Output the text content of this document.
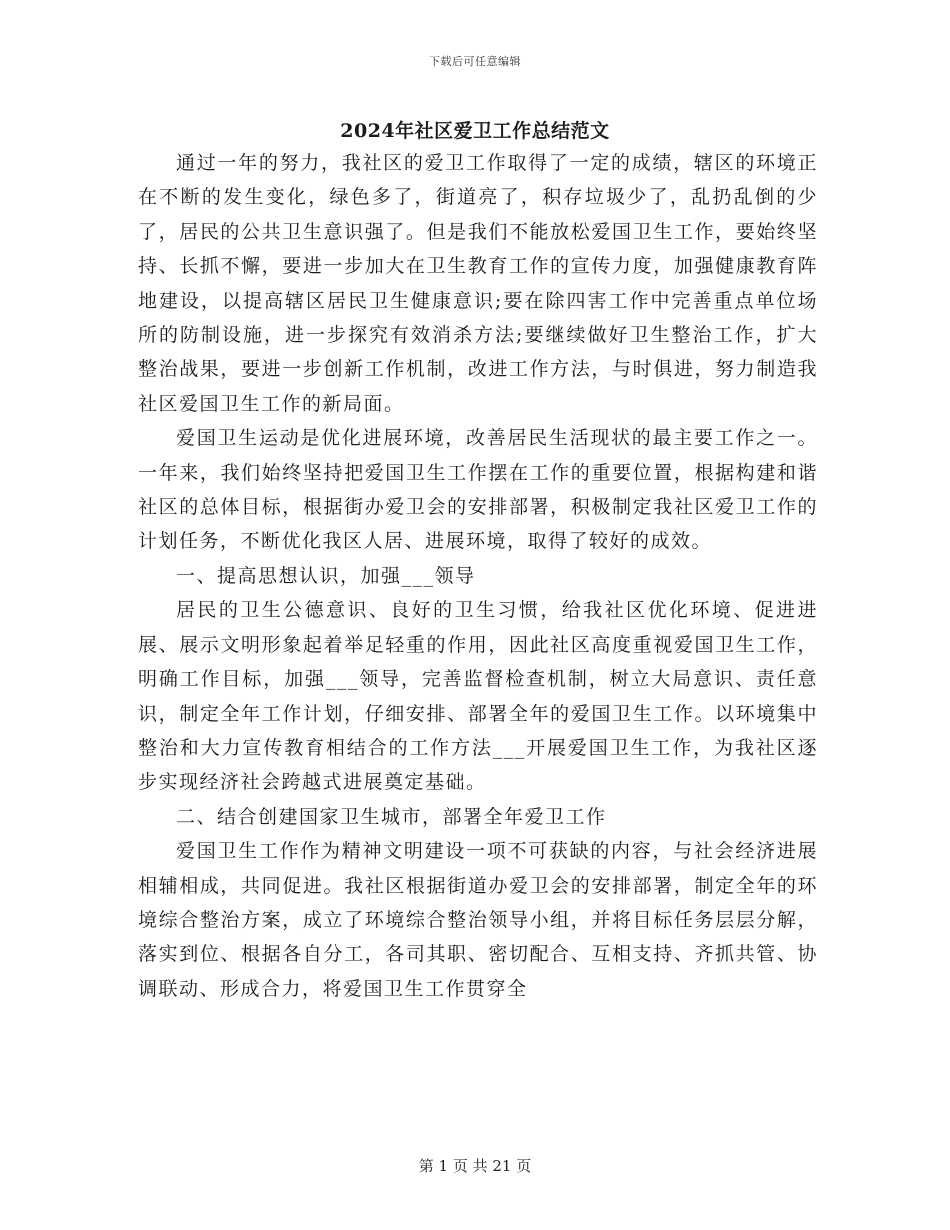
下载后可任意编辑
2024年社区爱卫工作总结范文

通过一年的努力，我社区的爱卫工作取得了一定的成绩，辖区的环境正在不断的发生变化，绿色多了，街道亮了，积存垃圾少了，乱扔乱倒的少了，居民的公共卫生意识强了。但是我们不能放松爱国卫生工作，要始终坚持、长抓不懈，要进一步加大在卫生教育工作的宣传力度，加强健康教育阵地建设，以提高辖区居民卫生健康意识;要在除四害工作中完善重点单位场所的防制设施，进一步探究有效消杀方法;要继续做好卫生整治工作，扩大整治战果，要进一步创新工作机制，改进工作方法，与时俱进，努力制造我社区爱国卫生工作的新局面。

爱国卫生运动是优化进展环境，改善居民生活现状的最主要工作之一。一年来，我们始终坚持把爱国卫生工作摆在工作的重要位置，根据构建和谐社区的总体目标，根据街办爱卫会的安排部署，积极制定我社区爱卫工作的计划任务，不断优化我区人居、进展环境，取得了较好的成效。

一、提高思想认识，加强___领导

居民的卫生公德意识、良好的卫生习惯，给我社区优化环境、促进进展、展示文明形象起着举足轻重的作用，因此社区高度重视爱国卫生工作，明确工作目标，加强___领导，完善监督检查机制，树立大局意识、责任意识，制定全年工作计划，仔细安排、部署全年的爱国卫生工作。以环境集中整治和大力宣传教育相结合的工作方法___开展爱国卫生工作，为我社区逐步实现经济社会跨越式进展奠定基础。

二、结合创建国家卫生城市，部署全年爱卫工作

爱国卫生工作作为精神文明建设一项不可获缺的内容，与社会经济进展相辅相成，共同促进。我社区根据街道办爱卫会的安排部署，制定全年的环境综合整治方案，成立了环境综合整治领导小组，并将目标任务层层分解，落实到位、根据各自分工，各司其职、密切配合、互相支持、齐抓共管、协调联动、形成合力，将爱国卫生工作贯穿全

第 1 页 共 21 页
